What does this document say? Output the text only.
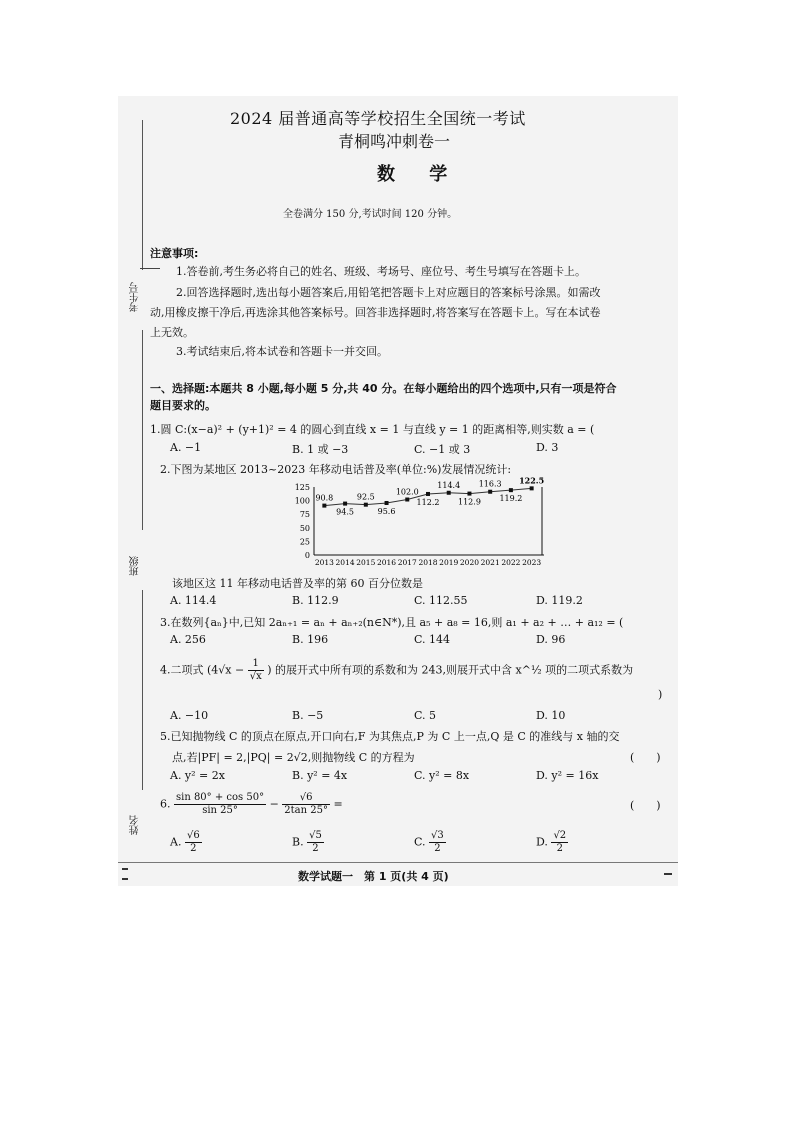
2024 届普通高等学校招生全国统一考试
青桐鸣冲刺卷一
数 学
全卷满分 150 分,考试时间 120 分钟。
考生号
班级
姓名
注意事项:
1.答卷前,考生务必将自己的姓名、班级、考场号、座位号、考生号填写在答题卡上。
2.回答选择题时,选出每小题答案后,用铅笔把答题卡上对应题目的答案标号涂黑。如需改
动,用橡皮擦干净后,再选涂其他答案标号。回答非选择题时,将答案写在答题卡上。写在本试卷
上无效。
3.考试结束后,将本试卷和答题卡一并交回。
一、选择题:本题共 8 小题,每小题 5 分,共 40 分。在每小题给出的四个选项中,只有一项是符合
题目要求的。
1.圆 C:(x−a)² + (y+1)² = 4 的圆心到直线 x = 1 与直线 y = 1 的距离相等,则实数 a = (
A. −1	B. 1 或 −3	C. −1 或 3	D. 3
2.下图为某地区 2013~2023 年移动电话普及率(单位:%)发展情况统计:
125
100
75
50
25
0
2013 2014 2015 2016 2017 2018 2019 2020 2021 2022 2023
90.8
94.5
92.5
95.6
102.0
112.2
114.4
112.9
116.3
119.2
122.5
该地区这 11 年移动电话普及率的第 60 百分位数是
A. 114.4	B. 112.9	C. 112.55	D. 119.2
3.在数列{aₙ}中,已知 2aₙ₊₁ = aₙ + aₙ₊₂(n∈N*),且 a₅ + a₈ = 16,则 a₁ + a₂ + … + a₁₂ = (
A. 256	B. 196	C. 144	D. 96
4.二项式 ($4√x - \frac{1}{√x}$ ) 的展开式中所有项的系数和为 243,则展开式中含 x^½ 项的二项式系数为
)
A. −10	B. −5	C. 5	D. 10
5.已知抛物线 C 的顶点在原点,开口向右,F 为其焦点,P 为 C 上一点,Q 是 C 的准线与 x 轴的交
点,若|PF| = 2,|PQ| = 2√2,则抛物线 C 的方程为	(　　)
A. y² = 2x	B. y² = 4x	C. y² = 8x	D. y² = 16x
6. $\frac{\sin 80^\circ + \cos 50^\circ}{\sin 25^\circ} - \frac{√6}{2\tan 25^\circ}$ =	(　　)
A. $\frac{√6}{2}$	B. $\frac{√5}{2}$	C. $\frac{√3}{2}$	D. $\frac{√2}{2}$
数学试题一　第 1 页(共 4 页)
